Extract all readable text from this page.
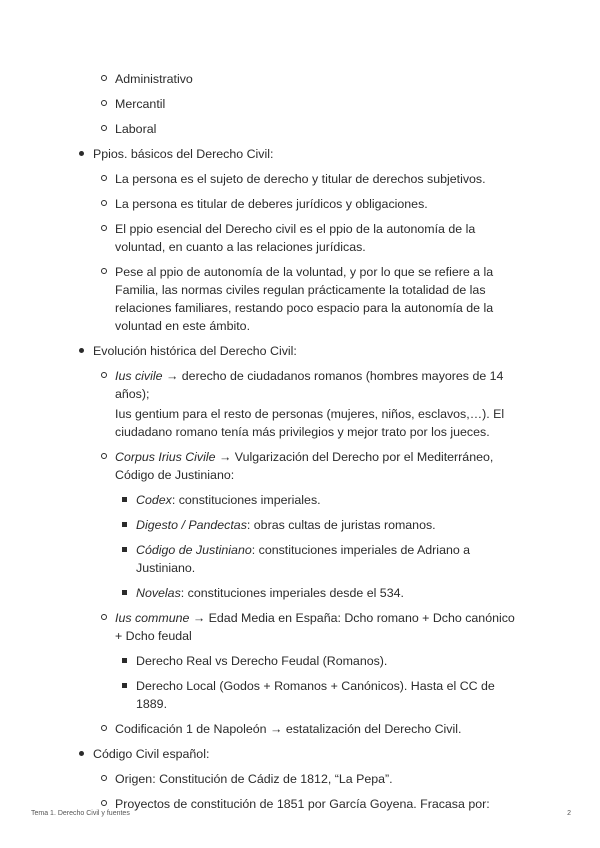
Administrativo
Mercantil
Laboral
Ppios. básicos del Derecho Civil:
La persona es el sujeto de derecho y titular de derechos subjetivos.
La persona es titular de deberes jurídicos y obligaciones.
El ppio esencial del Derecho civil es el ppio de la autonomía de la voluntad, en cuanto a las relaciones jurídicas.
Pese al ppio de autonomía de la voluntad, y por lo que se refiere a la Familia, las normas civiles regulan prácticamente la totalidad de las relaciones familiares, restando poco espacio para la autonomía de la voluntad en este ámbito.
Evolución histórica del Derecho Civil:
Ius civile → derecho de ciudadanos romanos (hombres mayores de 14 años);
Ius gentium para el resto de personas (mujeres, niños, esclavos,…). El ciudadano romano tenía más privilegios y mejor trato por los jueces.
Corpus Irius Civile → Vulgarización del Derecho por el Mediterráneo, Código de Justiniano:
Codex: constituciones imperiales.
Digesto / Pandectas: obras cultas de juristas romanos.
Código de Justiniano: constituciones imperiales de Adriano a Justiniano.
Novelas: constituciones imperiales desde el 534.
Ius commune → Edad Media en España: Dcho romano + Dcho canónico + Dcho feudal
Derecho Real vs Derecho Feudal (Romanos).
Derecho Local (Godos + Romanos + Canónicos). Hasta el CC de 1889.
Codificación 1 de Napoleón → estatalización del Derecho Civil.
Código Civil español:
Origen: Constitución de Cádiz de 1812, “La Pepa”.
Proyectos de constitución de 1851 por García Goyena. Fracasa por:
Tema 1. Derecho Civil y fuentes	2
